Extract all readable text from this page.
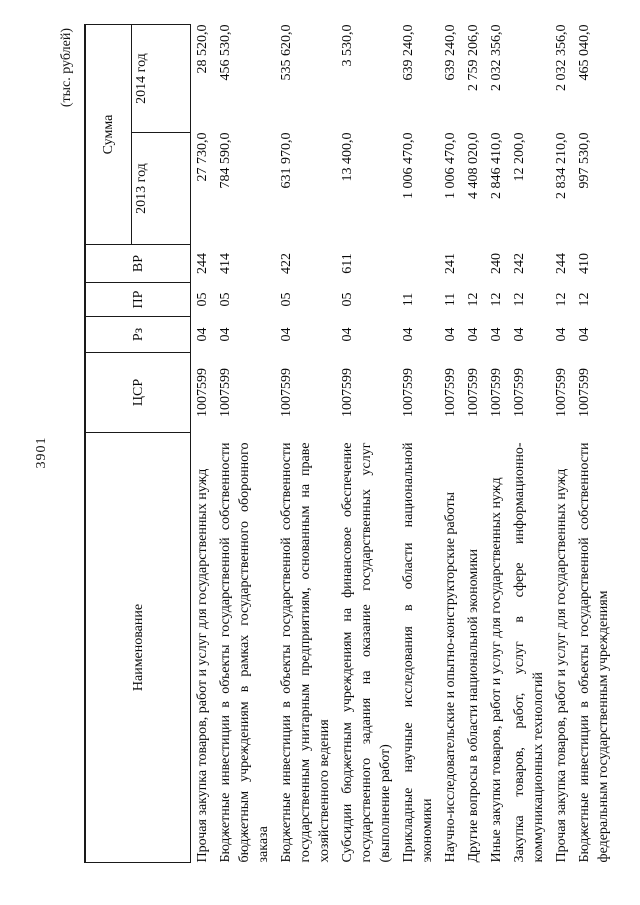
3901
(тыс. рублей)
Наименование	ЦСР	Рз	ПР	ВР	Сумма	
					2013 год	2014 год

Прочая закупка товаров, работ и услуг для государственных нужд	1007599	04	05	244	27 730,0	28 520,0

Бюджетные инвестиции в объекты государственной собственности бюджетным учреждениям в рамках государственного оборонного заказа	1007599	04	05	414	784 590,0	456 530,0

Бюджетные инвестиции в объекты государственной собственности государственным унитарным предприятиям, основанным на праве хозяйственного ведения	1007599	04	05	422	631 970,0	535 620,0

Субсидии бюджетным учреждениям на финансовое обеспечение государственного задания на оказание государственных услуг (выполнение работ)	1007599	04	05	611	13 400,0	3 530,0

Прикладные научные исследования в области национальной экономики	1007599	04	11		1 006 470,0	639 240,0

Научно-исследовательские и опытно-конструкторские работы	1007599	04	11	241	1 006 470,0	639 240,0

Другие вопросы в области национальной экономики	1007599	04	12		4 408 020,0	2 759 206,0

Иные закупки товаров, работ и услуг для государственных нужд	1007599	04	12	240	2 846 410,0	2 032 356,0

Закупка товаров, работ, услуг в сфере информационно-коммуникационных технологий	1007599	04	12	242	12 200,0	

Прочая закупка товаров, работ и услуг для государственных нужд	1007599	04	12	244	2 834 210,0	2 032 356,0

Бюджетные инвестиции в объекты государственной собственности федеральным государственным учреждениям	1007599	04	12	410	997 530,0	465 040,0
